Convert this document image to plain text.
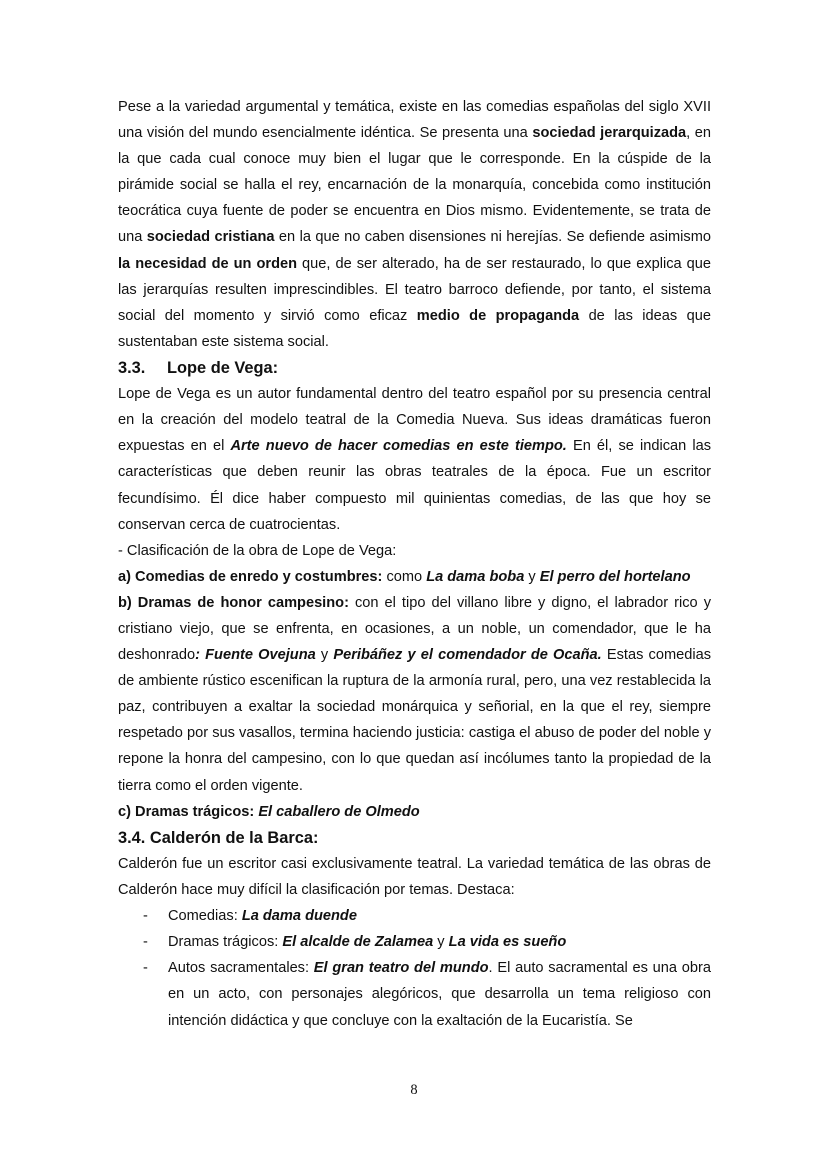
Pese a la variedad argumental y temática, existe en las comedias españolas del siglo XVII una visión del mundo esencialmente idéntica. Se presenta una sociedad jerarquizada, en la que cada cual conoce muy bien el lugar que le corresponde. En la cúspide de la pirámide social se halla el rey, encarnación de la monarquía, concebida como institución teocrática cuya fuente de poder se encuentra en Dios mismo. Evidentemente, se trata de una sociedad cristiana en la que no caben disensiones ni herejías. Se defiende asimismo la necesidad de un orden que, de ser alterado, ha de ser restaurado, lo que explica que las jerarquías resulten imprescindibles. El teatro barroco defiende, por tanto, el sistema social del momento y sirvió como eficaz medio de propaganda de las ideas que sustentaban este sistema social.

3.3. Lope de Vega:

Lope de Vega es un autor fundamental dentro del teatro español por su presencia central en la creación del modelo teatral de la Comedia Nueva. Sus ideas dramáticas fueron expuestas en el Arte nuevo de hacer comedias en este tiempo. En él, se indican las características que deben reunir las obras teatrales de la época. Fue un escritor fecundísimo. Él dice haber compuesto mil quinientas comedias, de las que hoy se conservan cerca de cuatrocientas.

- Clasificación de la obra de Lope de Vega:

a) Comedias de enredo y costumbres: como La dama boba y El perro del hortelano

b) Dramas de honor campesino: con el tipo del villano libre y digno, el labrador rico y cristiano viejo, que se enfrenta, en ocasiones, a un noble, un comendador, que le ha deshonrado: Fuente Ovejuna y Peribáñez y el comendador de Ocaña. Estas comedias de ambiente rústico escenifican la ruptura de la armonía rural, pero, una vez restablecida la paz, contribuyen a exaltar la sociedad monárquica y señorial, en la que el rey, siempre respetado por sus vasallos, termina haciendo justicia: castiga el abuso de poder del noble y repone la honra del campesino, con lo que quedan así incólumes tanto la propiedad de la tierra como el orden vigente.

c) Dramas trágicos: El caballero de Olmedo

3.4. Calderón de la Barca:

Calderón fue un escritor casi exclusivamente teatral. La variedad temática de las obras de Calderón hace muy difícil la clasificación por temas. Destaca:

- Comedias: La dama duende
- Dramas trágicos: El alcalde de Zalamea y La vida es sueño
- Autos sacramentales: El gran teatro del mundo. El auto sacramental es una obra en un acto, con personajes alegóricos, que desarrolla un tema religioso con intención didáctica y que concluye con la exaltación de la Eucaristía. Se
8
